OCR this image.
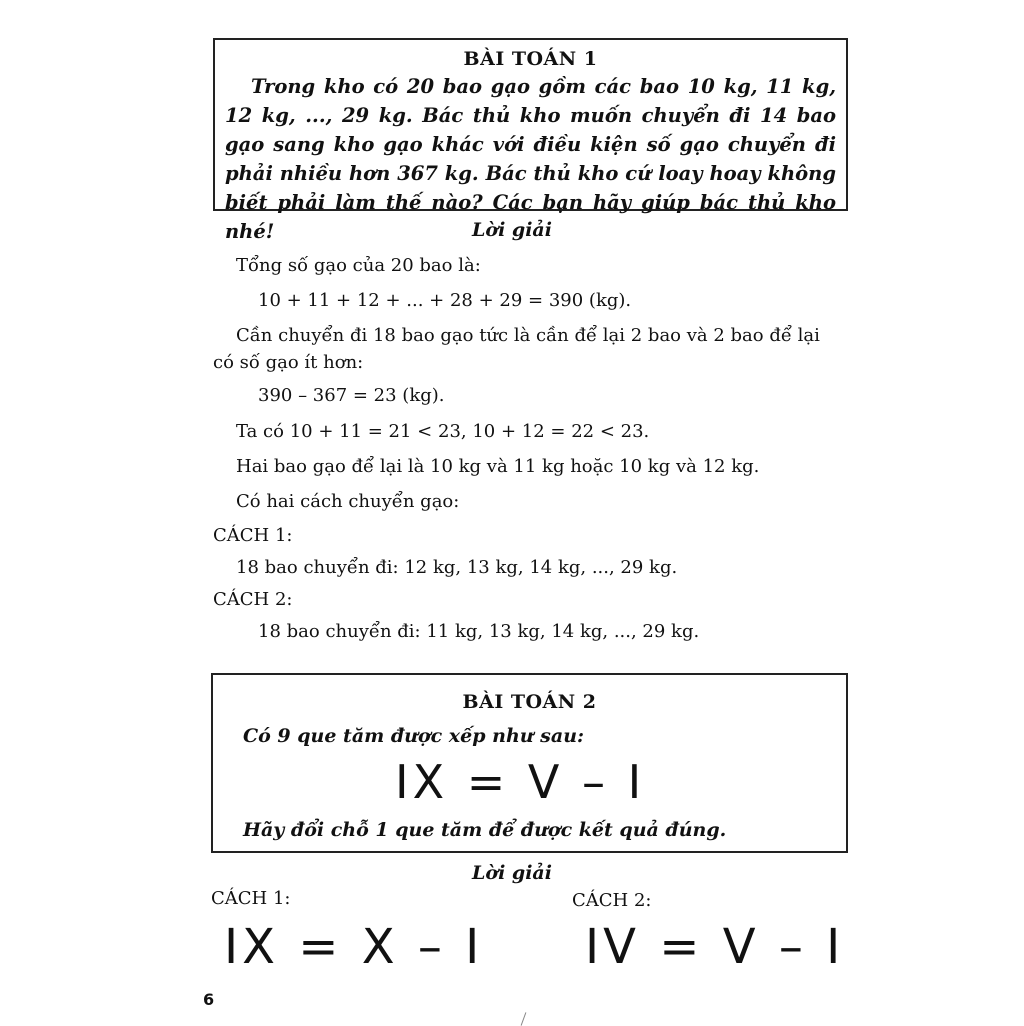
BÀI TOÁN 1
Trong kho có 20 bao gạo gồm các bao 10 kg, 11 kg, 12 kg, ..., 29 kg. Bác thủ kho muốn chuyển đi 14 bao gạo sang kho gạo khác với điều kiện số gạo chuyển đi phải nhiều hơn 367 kg. Bác thủ kho cứ loay hoay không biết phải làm thế nào? Các bạn hãy giúp bác thủ kho nhé!	Lời giải
Tổng số gạo của 20 bao là:
10 + 11 + 12 + ... + 28 + 29 = 390 (kg).
Cần chuyển đi 18 bao gạo tức là cần để lại 2 bao và 2 bao để lại
có số gạo ít hơn:
390 – 367 = 23 (kg).
Ta có 10 + 11 = 21 < 23, 10 + 12 = 22 < 23.
Hai bao gạo để lại là 10 kg và 11 kg hoặc 10 kg và 12 kg.
Có hai cách chuyển gạo:
CÁCH 1:
18 bao chuyển đi: 12 kg, 13 kg, 14 kg, ..., 29 kg.
CÁCH 2:
18 bao chuyển đi: 11 kg, 13 kg, 14 kg, ..., 29 kg.
BÀI TOÁN 2
Có 9 que tăm được xếp như sau:
IX = V – I
Hãy đổi chỗ 1 que tăm để được kết quả đúng.
Lời giải
CÁCH 1:	CÁCH 2:
IX = X – I IV = V – I
6
